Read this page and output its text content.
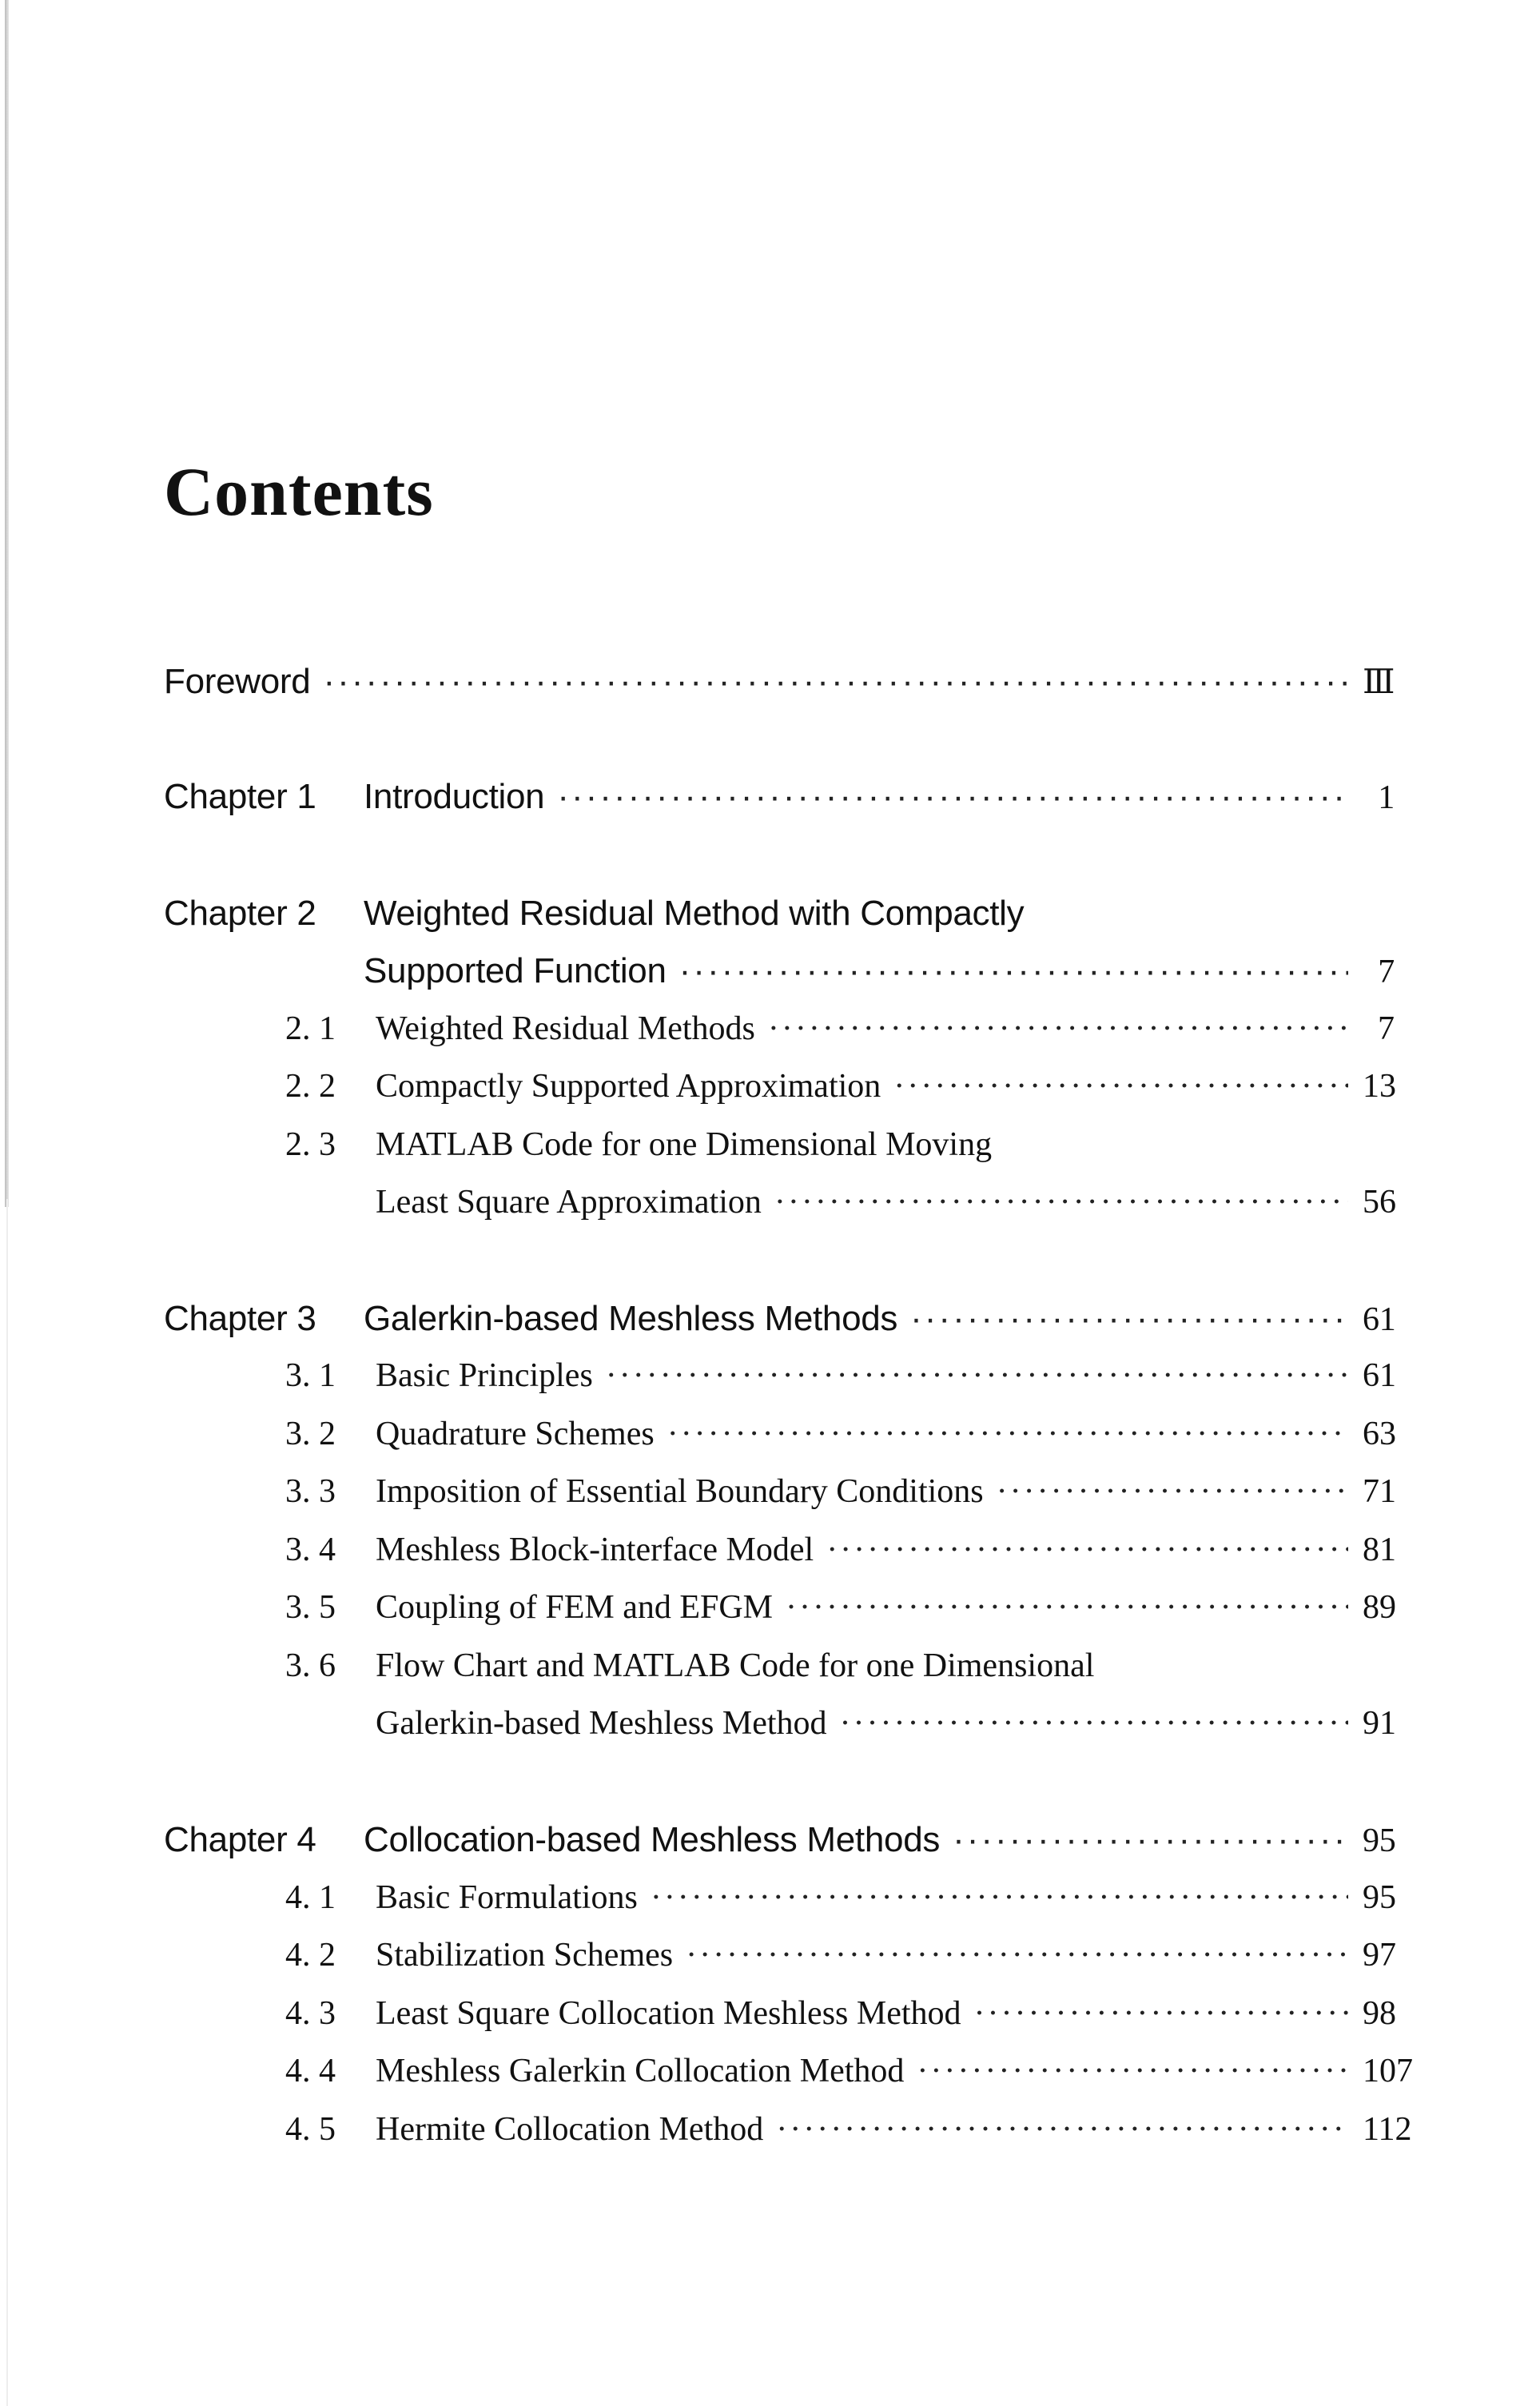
Contents
Foreword ·····	Ⅲ
Chapter 1	Introduction ·····	1
Chapter 2	Weighted Residual Method with Compactly
Supported Function ·····	7
2. 1 Weighted Residual Methods ·····	7
2. 2 Compactly Supported Approximation ·····	13
2. 3 MATLAB Code for one Dimensional Moving
Least Square Approximation ·····	56
Chapter 3	Galerkin-based Meshless Methods ·····	61
3. 1 Basic Principles ·····	61
3. 2 Quadrature Schemes ·····	63
3. 3 Imposition of Essential Boundary Conditions ·····	71
3. 4 Meshless Block-interface Model ·····	81
3. 5 Coupling of FEM and EFGM ·····	89
3. 6 Flow Chart and MATLAB Code for one Dimensional
Galerkin-based Meshless Method ·····	91
Chapter 4	Collocation-based Meshless Methods ·····	95
4. 1 Basic Formulations ·····	95
4. 2 Stabilization Schemes ·····	97
4. 3 Least Square Collocation Meshless Method ·····	98
4. 4 Meshless Galerkin Collocation Method ·····	107
4. 5 Hermite Collocation Method ·····	112
